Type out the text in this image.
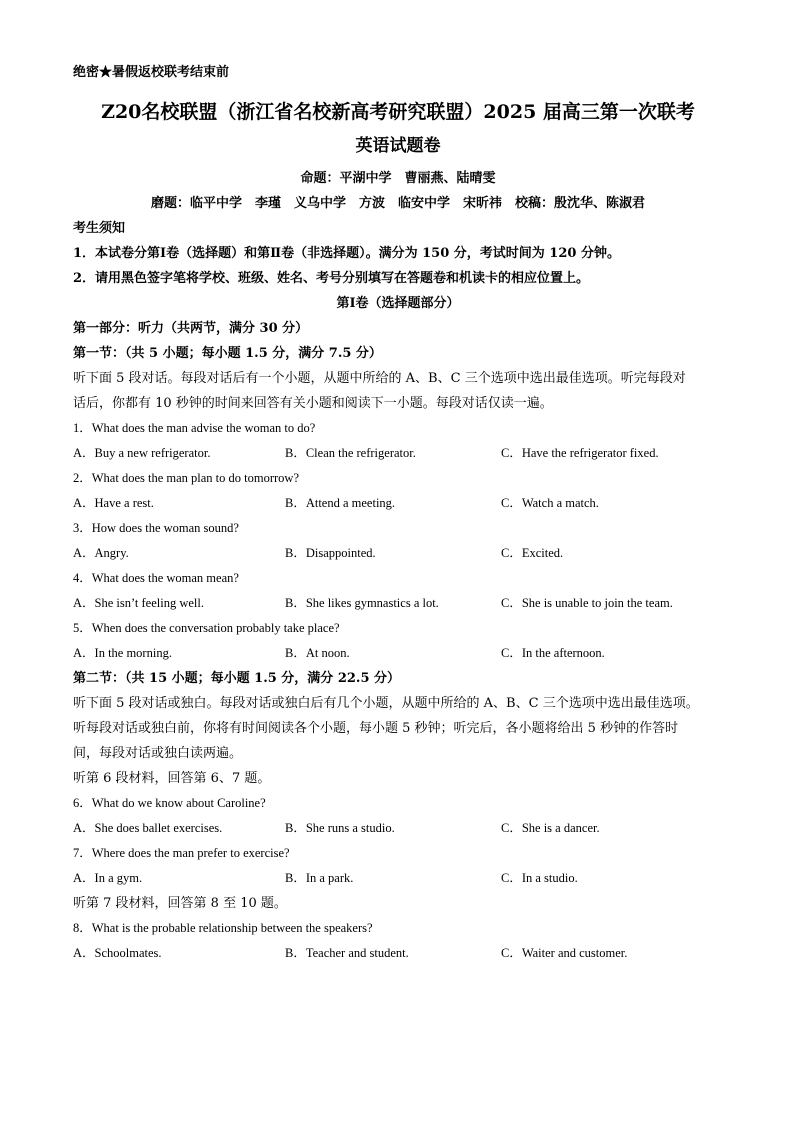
绝密★暑假返校联考结束前
Z20名校联盟（浙江省名校新高考研究联盟）2025 届高三第一次联考
英语试题卷
命题：平湖中学　曹丽燕、陆晴雯
磨题：临平中学　李瑾　义乌中学　方波　临安中学　宋昕祎　校稿：殷沈华、陈淑君
考生须知
1．本试卷分第Ⅰ卷（选择题）和第Ⅱ卷（非选择题）。满分为 150 分，考试时间为 120 分钟。
2．请用黑色签字笔将学校、班级、姓名、考号分别填写在答题卷和机读卡的相应位置上。
第Ⅰ卷（选择题部分）
第一部分：听力（共两节，满分 30 分）
第一节：（共 5 小题；每小题 1.5 分，满分 7.5 分）
听下面 5 段对话。每段对话后有一个小题，从题中所给的 A、B、C 三个选项中选出最佳选项。听完每段对
话后，你都有 10 秒钟的时间来回答有关小题和阅读下一小题。每段对话仅读一遍。
1．What does the man advise the woman to do?
A．Buy a new refrigerator.	B．Clean the refrigerator.	C．Have the refrigerator fixed.
2．What does the man plan to do tomorrow?
A．Have a rest.	B．Attend a meeting.	C．Watch a match.
3．How does the woman sound?
A．Angry.	B．Disappointed.	C．Excited.
4．What does the woman mean?
A．She isn’t feeling well.	B．She likes gymnastics a lot.	C．She is unable to join the team.
5．When does the conversation probably take place?
A．In the morning.	B．At noon.	C．In the afternoon.
第二节：（共 15 小题；每小题 1.5 分，满分 22.5 分）
听下面 5 段对话或独白。每段对话或独白后有几个小题，从题中所给的 A、B、C 三个选项中选出最佳选项。
听每段对话或独白前，你将有时间阅读各个小题，每小题 5 秒钟；听完后，各小题将给出 5 秒钟的作答时
间，每段对话或独白读两遍。
听第 6 段材料，回答第 6、7 题。
6．What do we know about Caroline?
A．She does ballet exercises.	B．She runs a studio.	C．She is a dancer.
7．Where does the man prefer to exercise?
A．In a gym.	B．In a park.	C．In a studio.
听第 7 段材料，回答第 8 至 10 题。
8．What is the probable relationship between the speakers?
A．Schoolmates.	B．Teacher and student.	C．Waiter and customer.
